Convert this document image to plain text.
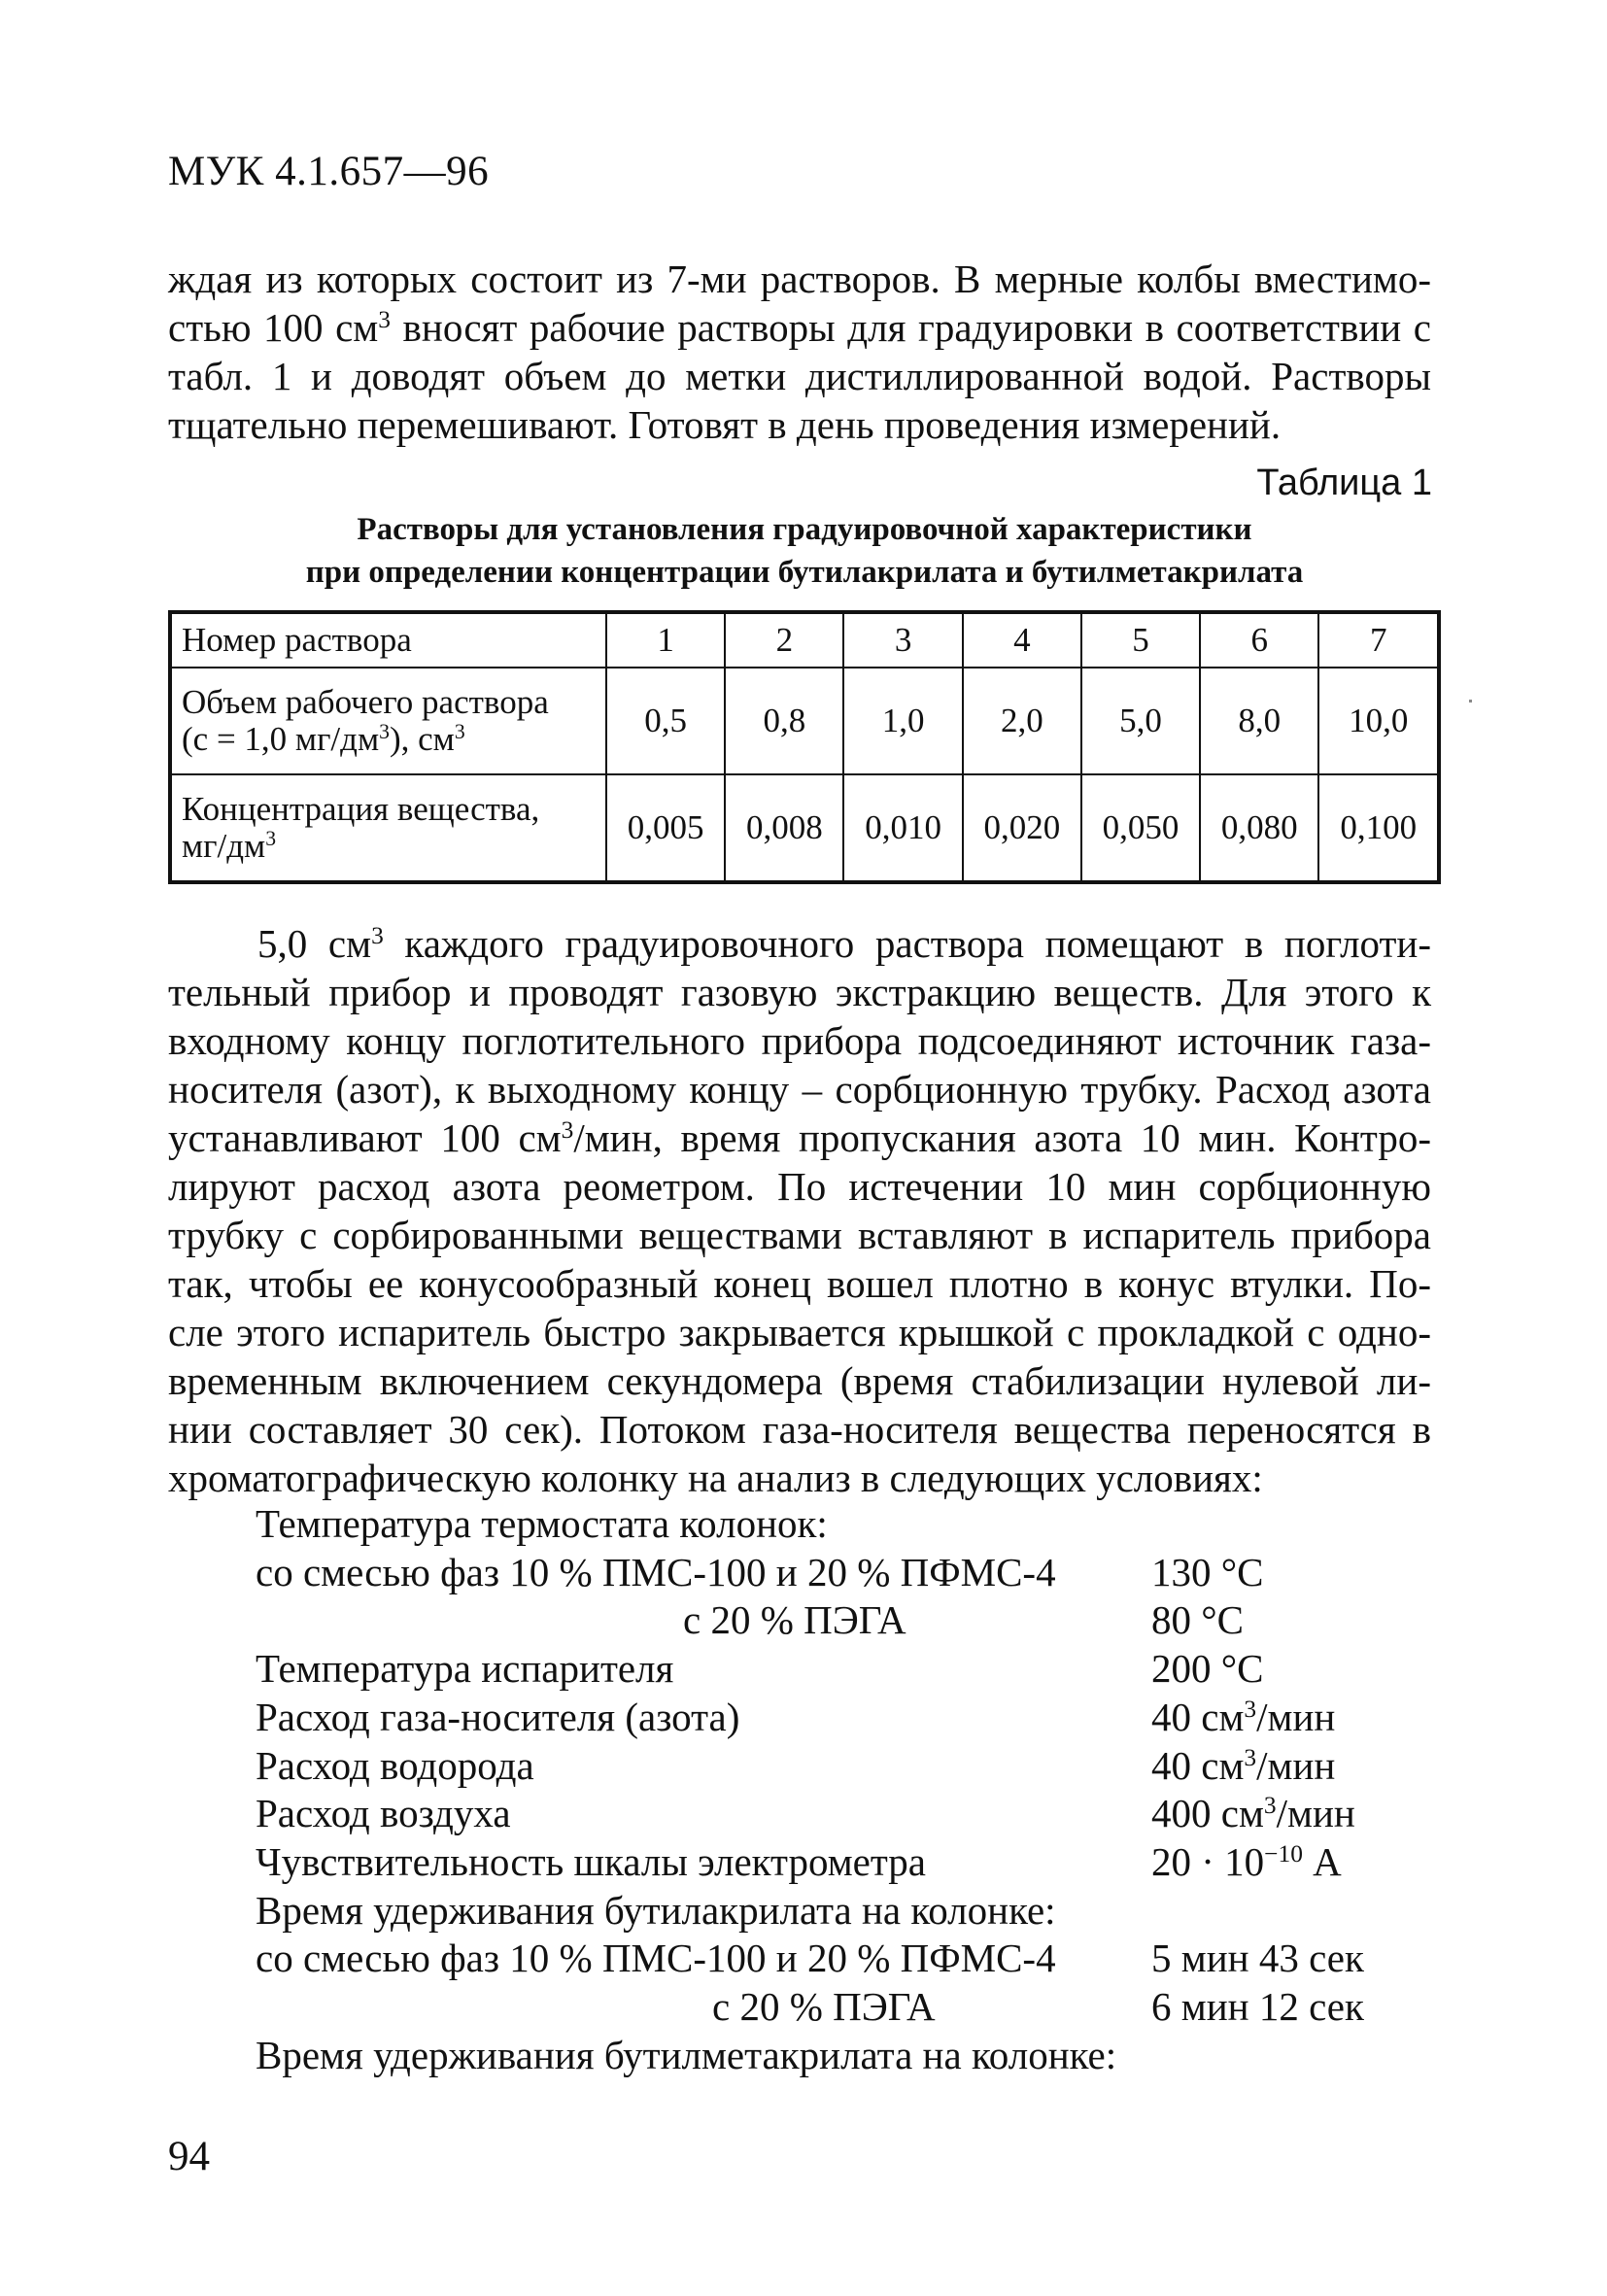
МУК 4.1.657—96
ждая из которых состоит из 7-ми растворов. В мерные колбы вместимо-
стью 100 $см^3$ вносят рабочие растворы для градуировки в соответствии с
табл. 1 и доводят объем до метки дистиллированной водой. Растворы
тщательно перемешивают. Готовят в день проведения измерений.
Таблица 1
Растворы для установления градуировочной характеристики
при определении концентрации бутилакрилата и бутилметакрилата
Номер раствора	1	2	3	4	5	6	7
Объем рабочего раствора
(с = 1,0 $мг/дм^3$), $см^3$	0,5	0,8	1,0	2,0	5,0	8,0	10,0
Концентрация вещества,
$мг/дм^3$	0,005	0,008	0,010	0,020	0,050	0,080	0,100
5,0 $см^3$ каждого градуировочного раствора помещают в поглоти-
тельный прибор и проводят газовую экстракцию веществ. Для этого к
входному концу поглотительного прибора подсоединяют источник газа-
носителя (азот), к выходному концу – сорбционную трубку. Расход азота
устанавливают 100 $см^3$/мин, время пропускания азота 10 мин. Контро-
лируют расход азота реометром. По истечении 10 мин сорбционную
трубку с сорбированными веществами вставляют в испаритель прибора
так, чтобы ее конусообразный конец вошел плотно в конус втулки. По-
сле этого испаритель быстро закрывается крышкой с прокладкой с одно-
временным включением секундомера (время стабилизации нулевой ли-
нии составляет 30 сек). Потоком газа-носителя вещества переносятся в
хроматографическую колонку на анализ в следующих условиях:
Температура термостата колонок:
со смесью фаз 10 % ПМС-100 и 20 % ПФМС-4	130 °С
с 20 % ПЭГА	80 °С
Температура испарителя	200 °С
Расход газа-носителя (азота)	40 $см^3$/мин
Расход водорода	40 $см^3$/мин
Расход воздуха	400 $см^3$/мин
Чувствительность шкалы электрометра	$20 \cdot 10^{-10}$ А
Время удерживания бутилакрилата на колонке:
со смесью фаз 10 % ПМС-100 и 20 % ПФМС-4	5 мин 43 сек
с 20 % ПЭГА	6 мин 12 сек
Время удерживания бутилметакрилата на колонке:
94
